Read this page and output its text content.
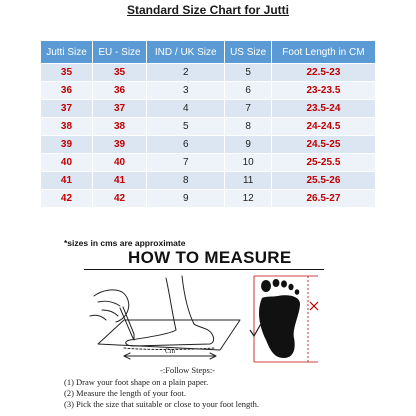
Standard Size Chart for Jutti
Jutti Size	EU - Size	IND / UK Size	US Size	Foot Length in CM
35	35	2	5	22.5-23
36	36	3	6	23-23.5
37	37	4	7	23.5-24
38	38	5	8	24-24.5
39	39	6	9	24.5-25
40	40	7	10	25-25.5
41	41	8	11	25.5-26
42	42	9	12	26.5-27
*sizes in cms are approximate
HOW TO MEASURE
Cm
-:Follow Steps:-
(1) Draw your foot shape on a plain paper.
(2) Measure the length of your foot.
(3) Pick the size that suitable or close to your foot length.
